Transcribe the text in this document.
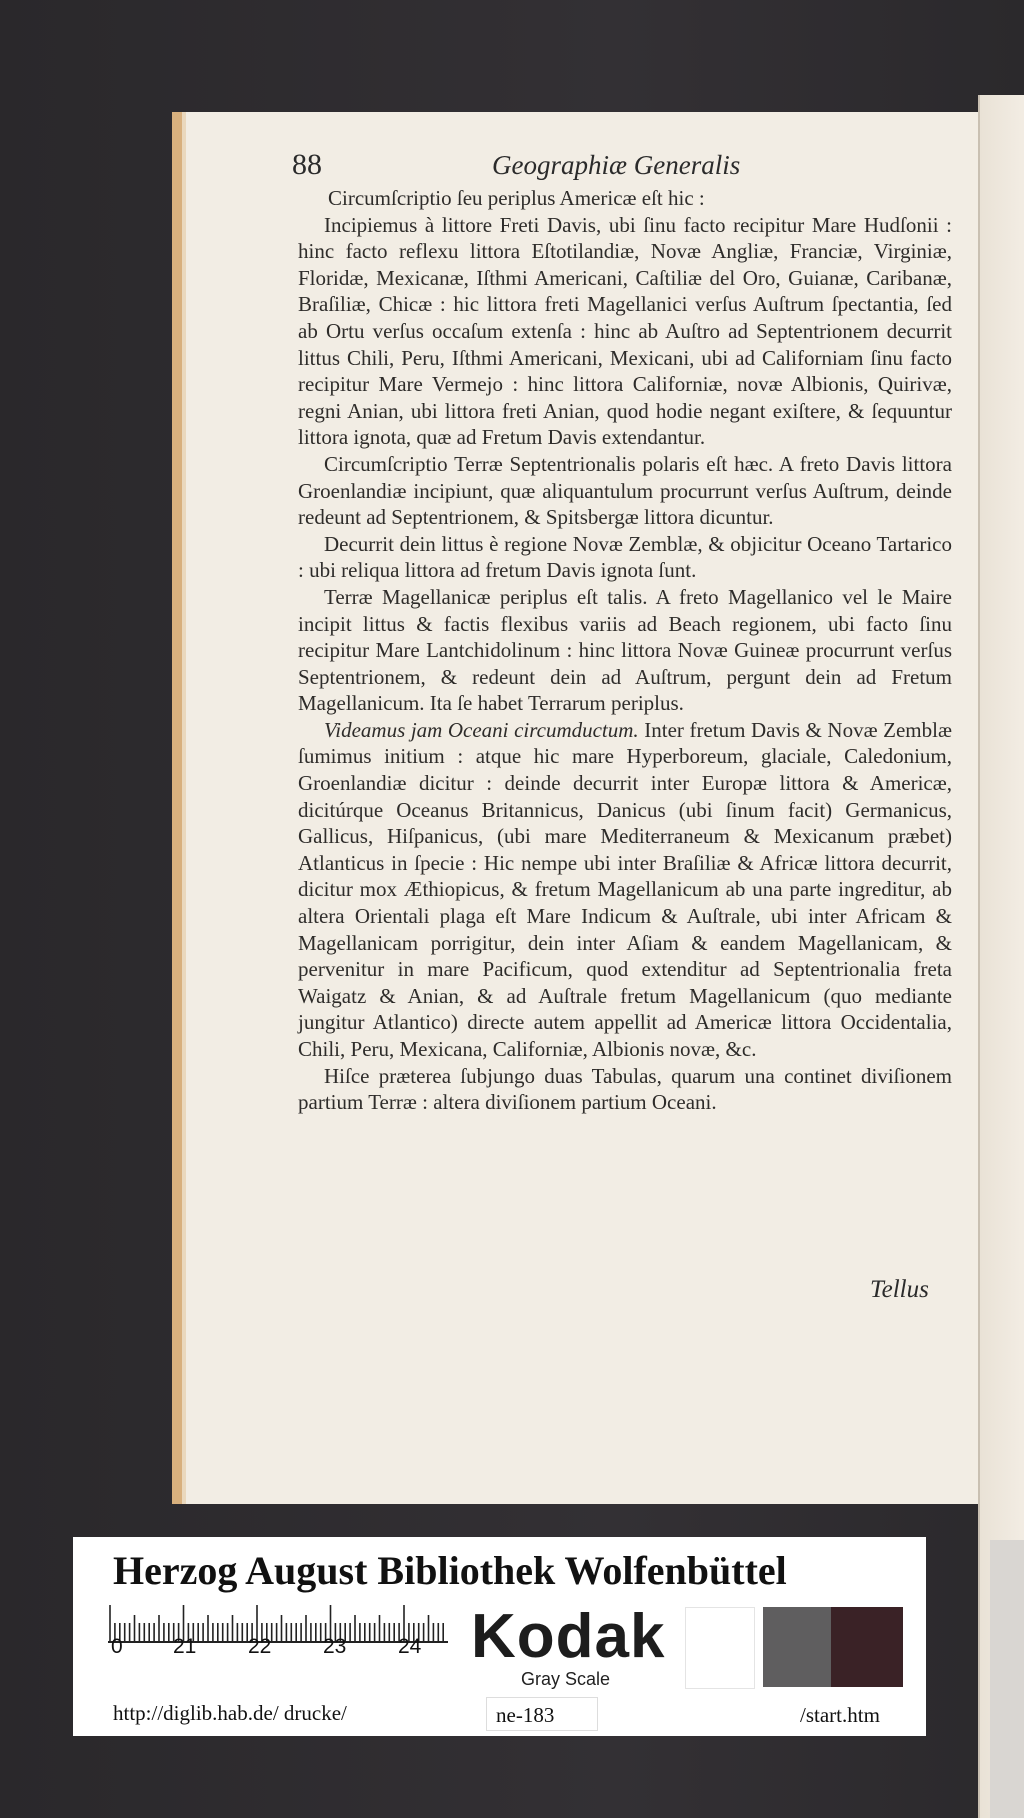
88	Geographiæ Generalis

Circumſcriptio ſeu periplus Americæ eſt hic :

Incipiemus à littore Freti Davis, ubi ſinu facto recipitur Mare Hudſonii : hinc facto reflexu littora Eſtotilandiæ, Novæ Angliæ, Franciæ, Virginiæ, Floridæ, Mexicanæ, Iſthmi Americani, Caſtiliæ del Oro, Guianæ, Caribanæ, Braſiliæ, Chicæ : hic littora freti Magellanici verſus Auſtrum ſpectantia, ſed ab Ortu verſus occaſum extenſa : hinc ab Auſtro ad Septentrionem decurrit littus Chili, Peru, Iſthmi Americani, Mexicani, ubi ad Californiam ſinu facto recipitur Mare Vermejo : hinc littora Californiæ, novæ Albionis, Quirivæ, regni Anian, ubi littora freti Anian, quod hodie negant exiſtere, & ſequuntur littora ignota, quæ ad Fretum Davis extendantur.

Circumſcriptio Terræ Septentrionalis polaris eſt hæc. A freto Davis littora Groenlandiæ incipiunt, quæ aliquantulum procurrunt verſus Auſtrum, deinde redeunt ad Septentrionem, & Spitsbergæ littora dicuntur.

Decurrit dein littus è regione Novæ Zemblæ, & objicitur Oceano Tartarico : ubi reliqua littora ad fretum Davis ignota ſunt.

Terræ Magellanicæ periplus eſt talis. A freto Magellanico vel le Maire incipit littus & factis flexibus variis ad Beach regionem, ubi facto ſinu recipitur Mare Lantchidolinum : hinc littora Novæ Guineæ procurrunt verſus Septentrionem, & redeunt dein ad Auſtrum, pergunt dein ad Fretum Magellanicum. Ita ſe habet Terrarum periplus.

Videamus jam Oceani circumductum. Inter fretum Davis & Novæ Zemblæ ſumimus initium : atque hic mare Hyperboreum, glaciale, Caledonium, Groenlandiæ dicitur : deinde decurrit inter Europæ littora & Americæ, dicitúrque Oceanus Britannicus, Danicus (ubi ſinum facit) Germanicus, Gallicus, Hiſpanicus, (ubi mare Mediterraneum & Mexicanum præbet) Atlanticus in ſpecie : Hic nempe ubi inter Braſiliæ & Africæ littora decurrit, dicitur mox Æthiopicus, & fretum Magellanicum ab una parte ingreditur, ab altera Orientali plaga eſt Mare Indicum & Auſtrale, ubi inter Africam & Magellanicam porrigitur, dein inter Aſiam & eandem Magellanicam, & pervenitur in mare Pacificum, quod extenditur ad Septentrionalia freta Waigatz & Anian, & ad Auſtrale fretum Magellanicum (quo mediante jungitur Atlantico) directe autem appellit ad Americæ littora Occidentalia, Chili, Peru, Mexicana, Californiæ, Albionis novæ, &c.

Hiſce præterea ſubjungo duas Tabulas, quarum una continet diviſionem partium Terræ : altera diviſionem partium Oceani.

Tellus
Herzog August Bibliothek Wolfenbüttel
0 21 22 23 24 Kodak
Gray Scale
http://diglib.hab.de/ drucke/	ne-183	/start.htm
